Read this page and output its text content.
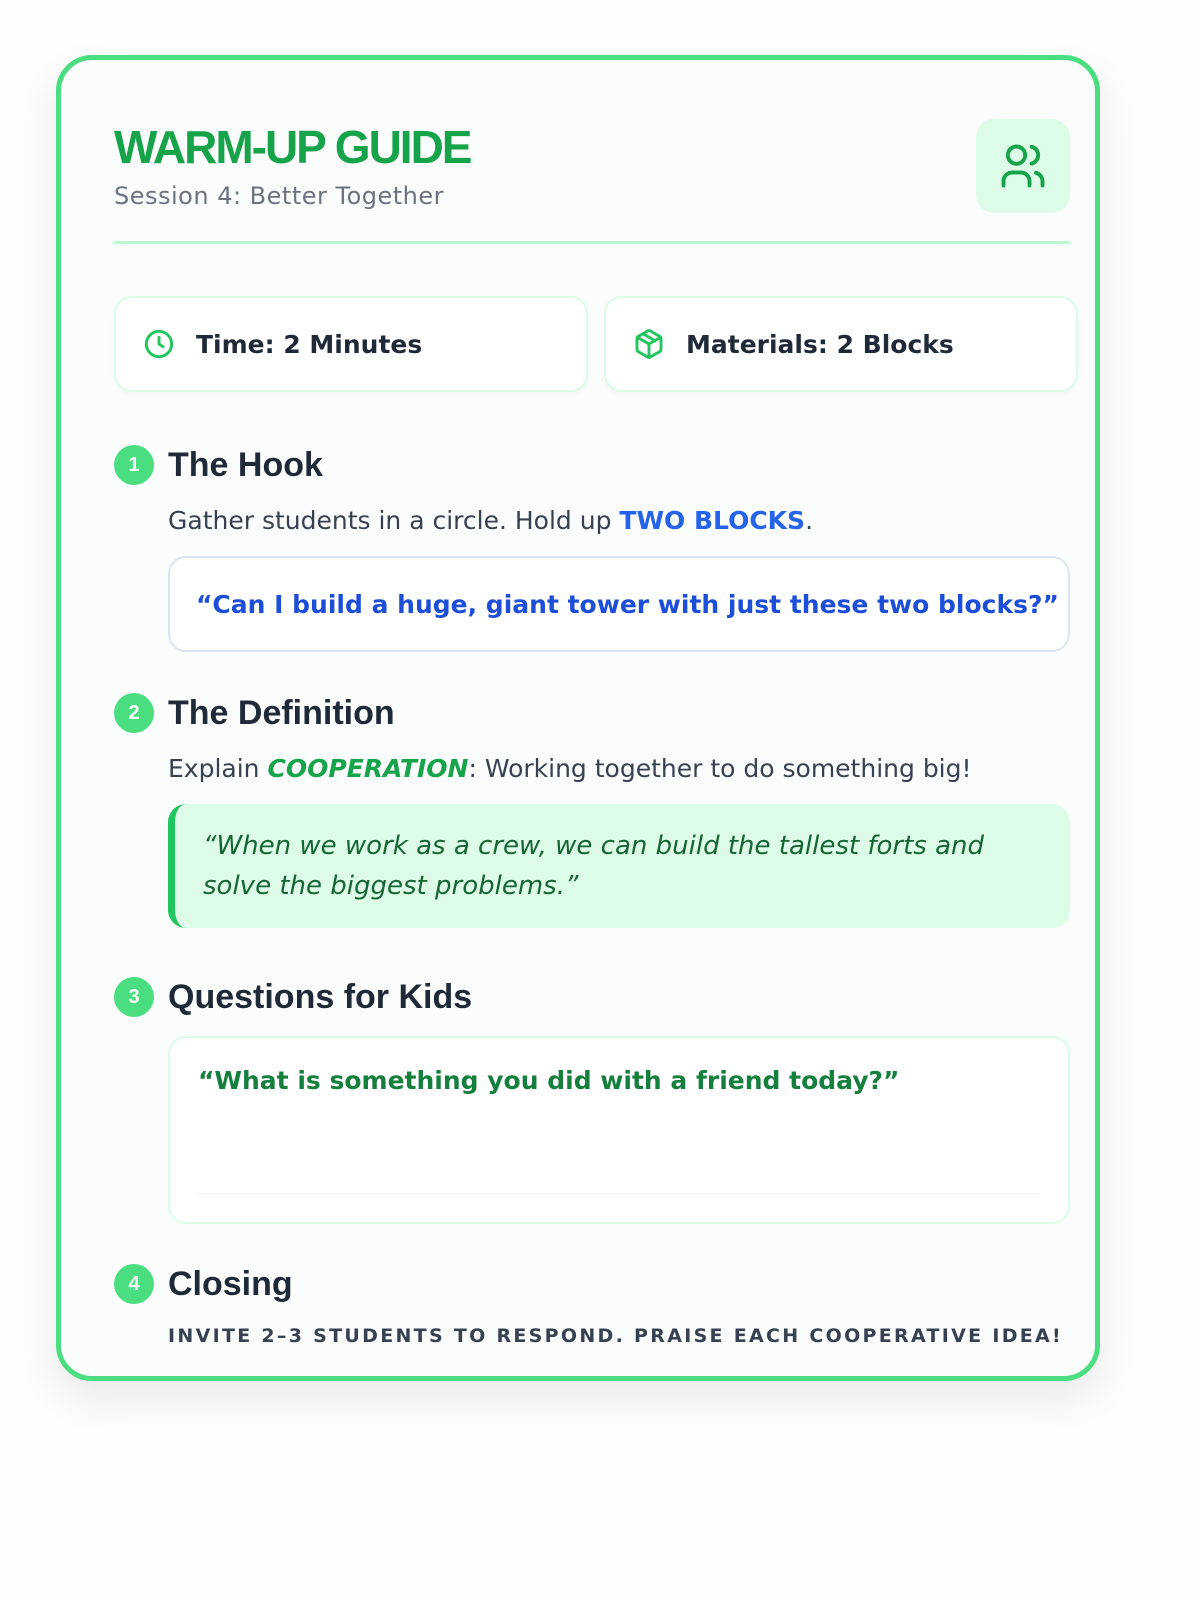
WARM-UP GUIDE
Session 4: Better Together
Time: 2 Minutes	Materials: 2 Blocks
1 The Hook
Gather students in a circle. Hold up TWO BLOCKS.
“Can I build a huge, giant tower with just these two blocks?”
2 The Definition
Explain COOPERATION: Working together to do something big!
“When we work as a crew, we can build the tallest forts and solve the biggest problems.”
3 Questions for Kids
“What is something you did with a friend today?”
4 Closing
INVITE 2–3 STUDENTS TO RESPOND. PRAISE EACH COOPERATIVE IDEA!
